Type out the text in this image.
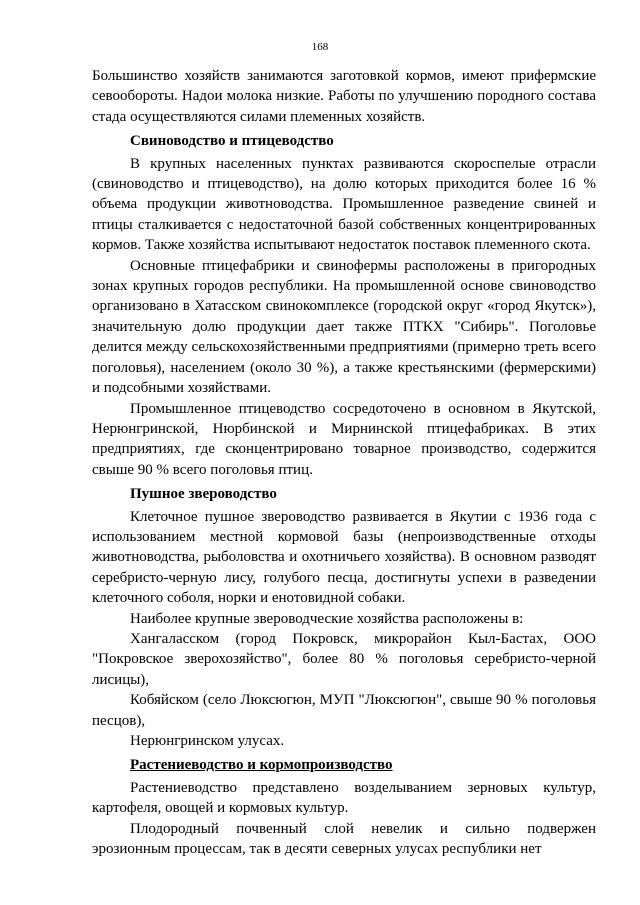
168

Большинство хозяйств занимаются заготовкой кормов, имеют прифермские севообороты. Надои молока низкие. Работы по улучшению породного состава стада осуществляются силами племенных хозяйств.

Свиноводство и птицеводство

В крупных населенных пунктах развиваются скороспелые отрасли (свиноводство и птицеводство), на долю которых приходится более 16 % объема продукции животноводства. Промышленное разведение свиней и птицы сталкивается с недостаточной базой собственных концентрированных кормов. Также хозяйства испытывают недостаток поставок племенного скота.

Основные птицефабрики и свинофермы расположены в пригородных зонах крупных городов республики. На промышленной основе свиноводство организовано в Хатасском свинокомплексе (городской округ «город Якутск»), значительную долю продукции дает также ПТКХ "Сибирь". Поголовье делится между сельскохозяйственными предприятиями (примерно треть всего поголовья), населением (около 30 %), а также крестьянскими (фермерскими) и подсобными хозяйствами.

Промышленное птицеводство сосредоточено в основном в Якутской, Нерюнгринской, Нюрбинской и Мирнинской птицефабриках. В этих предприятиях, где сконцентрировано товарное производство, содержится свыше 90 % всего поголовья птиц.

Пушное звероводство

Клеточное пушное звероводство развивается в Якутии с 1936 года с использованием местной кормовой базы (непроизводственные отходы животноводства, рыболовства и охотничьего хозяйства). В основном разводят серебристо-черную лису, голубого песца, достигнуты успехи в разведении клеточного соболя, норки и енотовидной собаки.

Наиболее крупные звероводческие хозяйства расположены в:

Хангаласском (город Покровск, микрорайон Кыл-Бастах, ООО "Покровское зверохозяйство", более 80 % поголовья серебристо-черной лисицы),

Кобяйском (село Люксюгюн, МУП "Люксюгюн", свыше 90 % поголовья песцов),

Нерюнгринском улусах.

Растениеводство и кормопроизводство

Растениеводство представлено возделыванием зерновых культур, картофеля, овощей и кормовых культур.

Плодородный почвенный слой невелик и сильно подвержен эрозионным процессам, так в десяти северных улусах республики нет
